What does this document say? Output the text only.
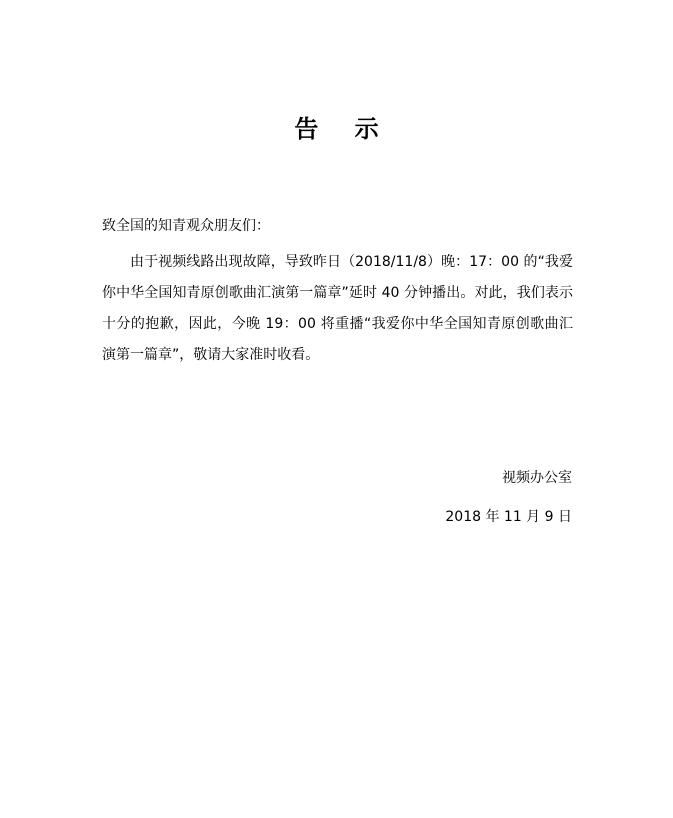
告 示
致全国的知青观众朋友们：
由于视频线路出现故障，导致昨日（2018/11/8）晚：17：00 的“我爱你中华全国知青原创歌曲汇演第一篇章”延时 40 分钟播出。对此，我们表示十分的抱歉，因此，今晚 19：00 将重播“我爱你中华全国知青原创歌曲汇演第一篇章”，敬请大家准时收看。
视频办公室
2018 年 11 月 9 日
